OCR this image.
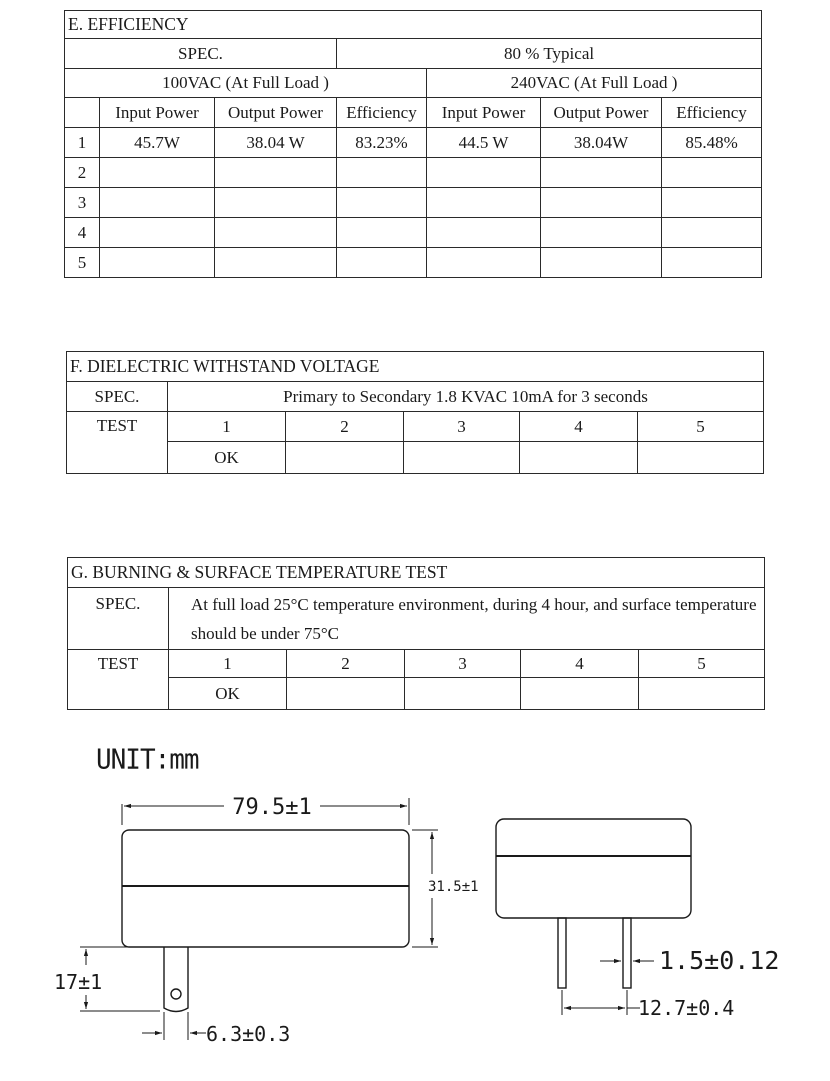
E. EFFICIENCY						
SPEC.			80 % Typical			
100VAC (At Full Load )				240VAC (At Full Load )		
	Input Power	Output Power	Efficiency	Input Power	Output Power	Efficiency
1	45.7W	38.04 W	83.23%	44.5 W	38.04W	85.48%
2						
3						
4						
5						
F. DIELECTRIC WITHSTAND VOLTAGE					
SPEC.	Primary to Secondary 1.8 KVAC 10mA for 3 seconds				
TEST	1	2	3	4	5
	OK				
G. BURNING & SURFACE TEMPERATURE TEST					
SPEC.	At full load 25°C temperature environment, during 4 hour, and surface temperature should be under 75°C				
TEST	1	2	3	4	5
	OK				
UNIT:mm
79.5±1
31.5±1
17±1
6.3±0.3
1.5±0.12
12.7±0.4
